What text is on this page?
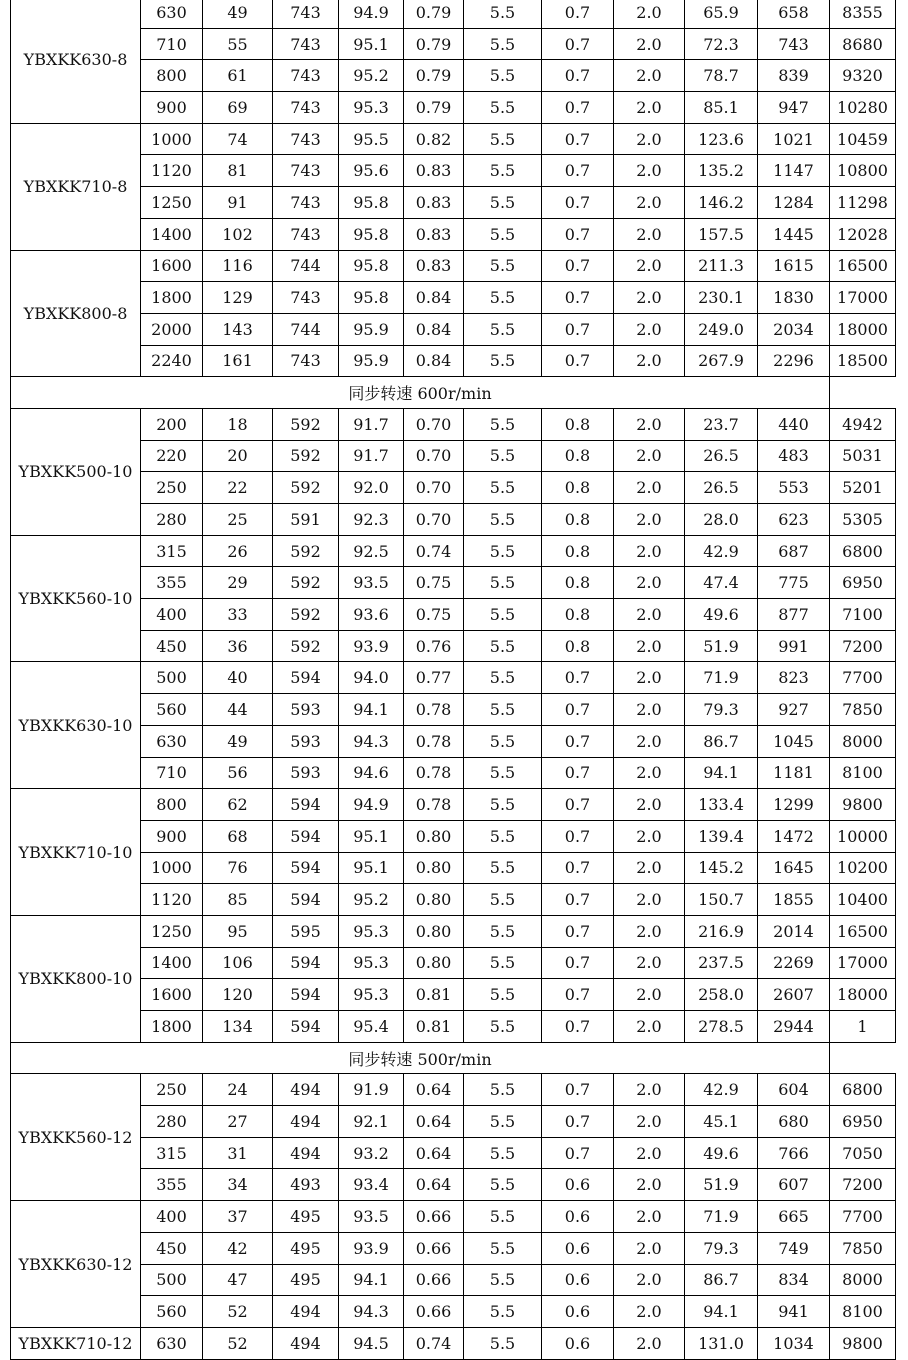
YBXKK630-8	630	49	743	94.9	0.79	5.5	0.7	2.0	65.9	658	8355
	710	55	743	95.1	0.79	5.5	0.7	2.0	72.3	743	8680
	800	61	743	95.2	0.79	5.5	0.7	2.0	78.7	839	9320
	900	69	743	95.3	0.79	5.5	0.7	2.0	85.1	947	10280
YBXKK710-8	1000	74	743	95.5	0.82	5.5	0.7	2.0	123.6	1021	10459
	1120	81	743	95.6	0.83	5.5	0.7	2.0	135.2	1147	10800
	1250	91	743	95.8	0.83	5.5	0.7	2.0	146.2	1284	11298
	1400	102	743	95.8	0.83	5.5	0.7	2.0	157.5	1445	12028
YBXKK800-8	1600	116	744	95.8	0.83	5.5	0.7	2.0	211.3	1615	16500
	1800	129	743	95.8	0.84	5.5	0.7	2.0	230.1	1830	17000
	2000	143	744	95.9	0.84	5.5	0.7	2.0	249.0	2034	18000
	2240	161	743	95.9	0.84	5.5	0.7	2.0	267.9	2296	18500
同步转速 600r/min											
YBXKK500-10	200	18	592	91.7	0.70	5.5	0.8	2.0	23.7	440	4942
	220	20	592	91.7	0.70	5.5	0.8	2.0	26.5	483	5031
	250	22	592	92.0	0.70	5.5	0.8	2.0	26.5	553	5201
	280	25	591	92.3	0.70	5.5	0.8	2.0	28.0	623	5305
YBXKK560-10	315	26	592	92.5	0.74	5.5	0.8	2.0	42.9	687	6800
	355	29	592	93.5	0.75	5.5	0.8	2.0	47.4	775	6950
	400	33	592	93.6	0.75	5.5	0.8	2.0	49.6	877	7100
	450	36	592	93.9	0.76	5.5	0.8	2.0	51.9	991	7200
YBXKK630-10	500	40	594	94.0	0.77	5.5	0.7	2.0	71.9	823	7700
	560	44	593	94.1	0.78	5.5	0.7	2.0	79.3	927	7850
	630	49	593	94.3	0.78	5.5	0.7	2.0	86.7	1045	8000
	710	56	593	94.6	0.78	5.5	0.7	2.0	94.1	1181	8100
YBXKK710-10	800	62	594	94.9	0.78	5.5	0.7	2.0	133.4	1299	9800
	900	68	594	95.1	0.80	5.5	0.7	2.0	139.4	1472	10000
	1000	76	594	95.1	0.80	5.5	0.7	2.0	145.2	1645	10200
	1120	85	594	95.2	0.80	5.5	0.7	2.0	150.7	1855	10400
YBXKK800-10	1250	95	595	95.3	0.80	5.5	0.7	2.0	216.9	2014	16500
	1400	106	594	95.3	0.80	5.5	0.7	2.0	237.5	2269	17000
	1600	120	594	95.3	0.81	5.5	0.7	2.0	258.0	2607	18000
	1800	134	594	95.4	0.81	5.5	0.7	2.0	278.5	2944	1
同步转速 500r/min											
YBXKK560-12	250	24	494	91.9	0.64	5.5	0.7	2.0	42.9	604	6800
	280	27	494	92.1	0.64	5.5	0.7	2.0	45.1	680	6950
	315	31	494	93.2	0.64	5.5	0.7	2.0	49.6	766	7050
	355	34	493	93.4	0.64	5.5	0.6	2.0	51.9	607	7200
YBXKK630-12	400	37	495	93.5	0.66	5.5	0.6	2.0	71.9	665	7700
	450	42	495	93.9	0.66	5.5	0.6	2.0	79.3	749	7850
	500	47	495	94.1	0.66	5.5	0.6	2.0	86.7	834	8000
	560	52	494	94.3	0.66	5.5	0.6	2.0	94.1	941	8100
YBXKK710-12	630	52	494	94.5	0.74	5.5	0.6	2.0	131.0	1034	9800
